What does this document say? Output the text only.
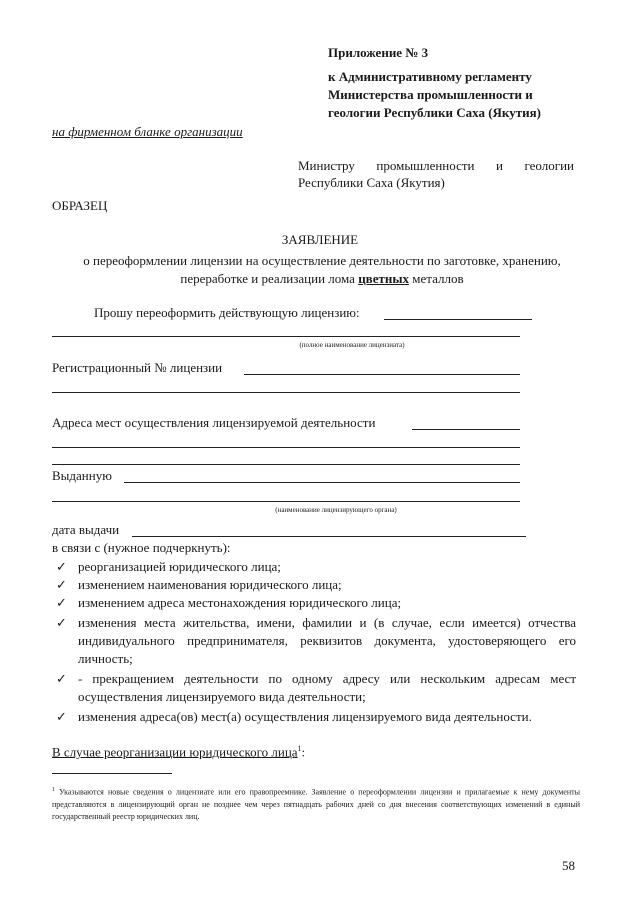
Приложение № 3
к Административному регламенту
Министерства промышленности и
геологии Республики Саха (Якутия)
на фирменном бланке организации
Министру промышленности и геологии
Республики Саха (Якутия)
ОБРАЗЕЦ
ЗАЯВЛЕНИЕ
о переоформлении лицензии на осуществление деятельности по заготовке, хранению,
переработке и реализации лома цветных металлов
Прошу переоформить действующую лицензию:
(полное наименование лицензиата)
Регистрационный № лицензии
Адреса мест осуществления лицензируемой деятельности
Выданную
(наименование лицензирующего органа)
дата выдачи
в связи с (нужное подчеркнуть):
✓ реорганизацией юридического лица;
✓ изменением наименования юридического лица;
✓ изменением адреса местонахождения юридического лица;
✓ изменения места жительства, имени, фамилии и (в случае, если имеется) отчества индивидуального предпринимателя, реквизитов документа, удостоверяющего его личность;
✓ - прекращением деятельности по одному адресу или нескольким адресам мест осуществления лицензируемого вида деятельности;
✓ изменения адреса(ов) мест(а) осуществления лицензируемого вида деятельности.
В случае реорганизации юридического лица$^1$:
$^1$ Указываются новые сведения о лицензиате или его правопреемнике. Заявление о переоформлении лицензии и прилагаемые к нему документы представляются в лицензирующий орган не позднее чем через пятнадцать рабочих дней со дня внесения соответствующих изменений в единый государственный реестр юридических лиц.
58
